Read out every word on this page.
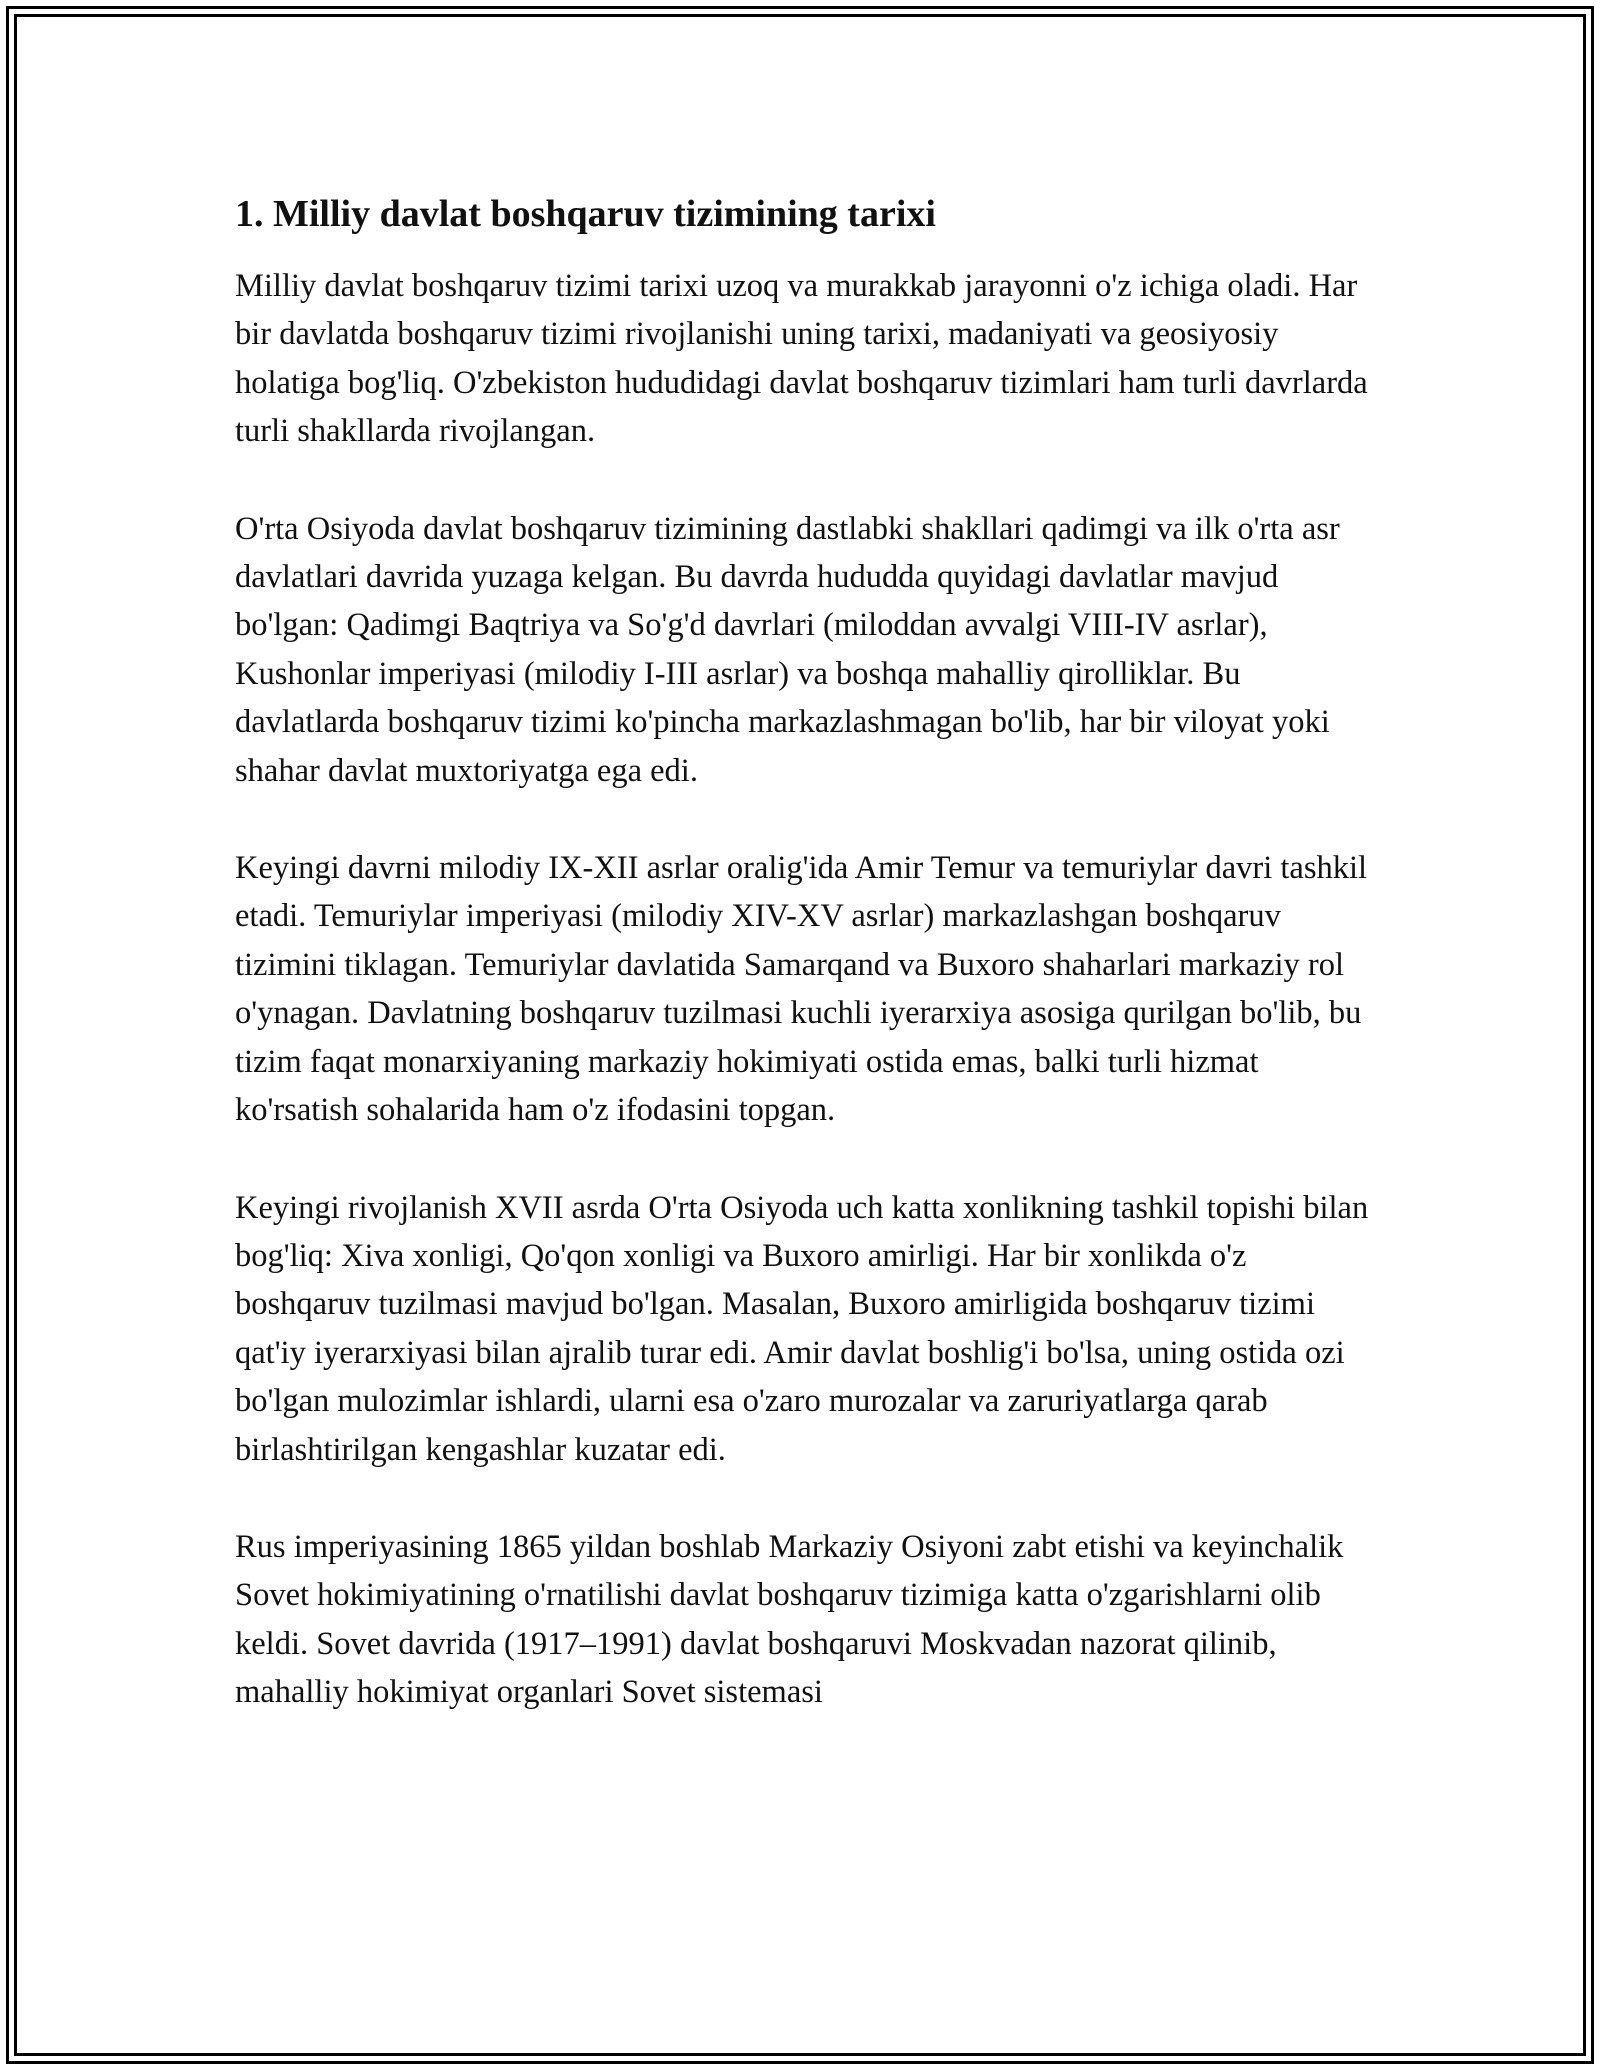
1. Milliy davlat boshqaruv tizimining tarixi

Milliy davlat boshqaruv tizimi tarixi uzoq va murakkab jarayonni o'z ichiga oladi. Har bir davlatda boshqaruv tizimi rivojlanishi uning tarixi, madaniyati va geosiyosiy holatiga bog'liq. O'zbekiston hududidagi davlat boshqaruv tizimlari ham turli davrlarda turli shakllarda rivojlangan.

O'rta Osiyoda davlat boshqaruv tizimining dastlabki shakllari qadimgi va ilk o'rta asr davlatlari davrida yuzaga kelgan. Bu davrda hududda quyidagi davlatlar mavjud bo'lgan: Qadimgi Baqtriya va So'g'd davrlari (miloddan avvalgi VIII-IV asrlar), Kushonlar imperiyasi (milodiy I-III asrlar) va boshqa mahalliy qirolliklar. Bu davlatlarda boshqaruv tizimi ko'pincha markazlashmagan bo'lib, har bir viloyat yoki shahar davlat muxtoriyatga ega edi.

Keyingi davrni milodiy IX-XII asrlar oralig'ida Amir Temur va temuriylar davri tashkil etadi. Temuriylar imperiyasi (milodiy XIV-XV asrlar) markazlashgan boshqaruv tizimini tiklagan. Temuriylar davlatida Samarqand va Buxoro shaharlari markaziy rol o'ynagan. Davlatning boshqaruv tuzilmasi kuchli iyerarxiya asosiga qurilgan bo'lib, bu tizim faqat monarxiyaning markaziy hokimiyati ostida emas, balki turli hizmat ko'rsatish sohalarida ham o'z ifodasini topgan.

Keyingi rivojlanish XVII asrda O'rta Osiyoda uch katta xonlikning tashkil topishi bilan bog'liq: Xiva xonligi, Qo'qon xonligi va Buxoro amirligi. Har bir xonlikda o'z boshqaruv tuzilmasi mavjud bo'lgan. Masalan, Buxoro amirligida boshqaruv tizimi qat'iy iyerarxiyasi bilan ajralib turar edi. Amir davlat boshlig'i bo'lsa, uning ostida ozi bo'lgan mulozimlar ishlardi, ularni esa o'zaro murozalar va zaruriyatlarga qarab birlashtirilgan kengashlar kuzatar edi.

Rus imperiyasining 1865 yildan boshlab Markaziy Osiyoni zabt etishi va keyinchalik Sovet hokimiyatining o'rnatilishi davlat boshqaruv tizimiga katta o'zgarishlarni olib keldi. Sovet davrida (1917–1991) davlat boshqaruvi Moskvadan nazorat qilinib, mahalliy hokimiyat organlari Sovet sistemasi
